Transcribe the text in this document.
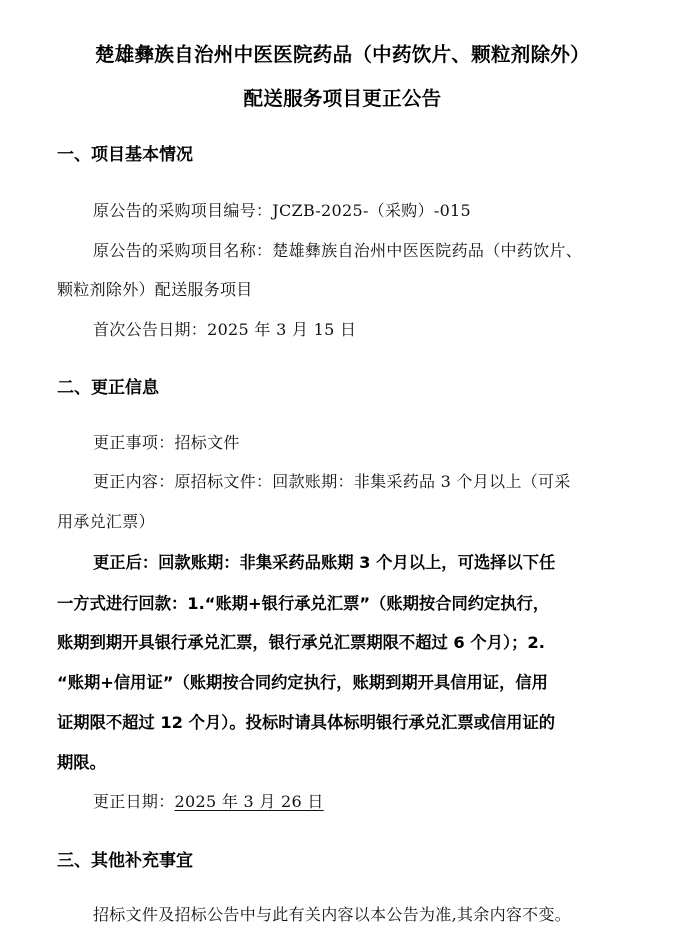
楚雄彝族自治州中医医院药品（中药饮片、颗粒剂除外）
配送服务项目更正公告
一、项目基本情况
原公告的采购项目编号：JCZB-2025-（采购）-015
原公告的采购项目名称：楚雄彝族自治州中医医院药品（中药饮片、
颗粒剂除外）配送服务项目
首次公告日期：2025 年 3 月 15 日
二、更正信息
更正事项：招标文件
更正内容：原招标文件：回款账期：非集采药品 3 个月以上（可采
用承兑汇票）
更正后：回款账期：非集采药品账期 3 个月以上，可选择以下任
一方式进行回款：1.“账期+银行承兑汇票”（账期按合同约定执行，
账期到期开具银行承兑汇票，银行承兑汇票期限不超过 6 个月）；2.
“账期+信用证”（账期按合同约定执行，账期到期开具信用证，信用
证期限不超过 12 个月）。投标时请具体标明银行承兑汇票或信用证的
期限。
更正日期：2025 年 3 月 26 日
三、其他补充事宜
招标文件及招标公告中与此有关内容以本公告为准,其余内容不变。
